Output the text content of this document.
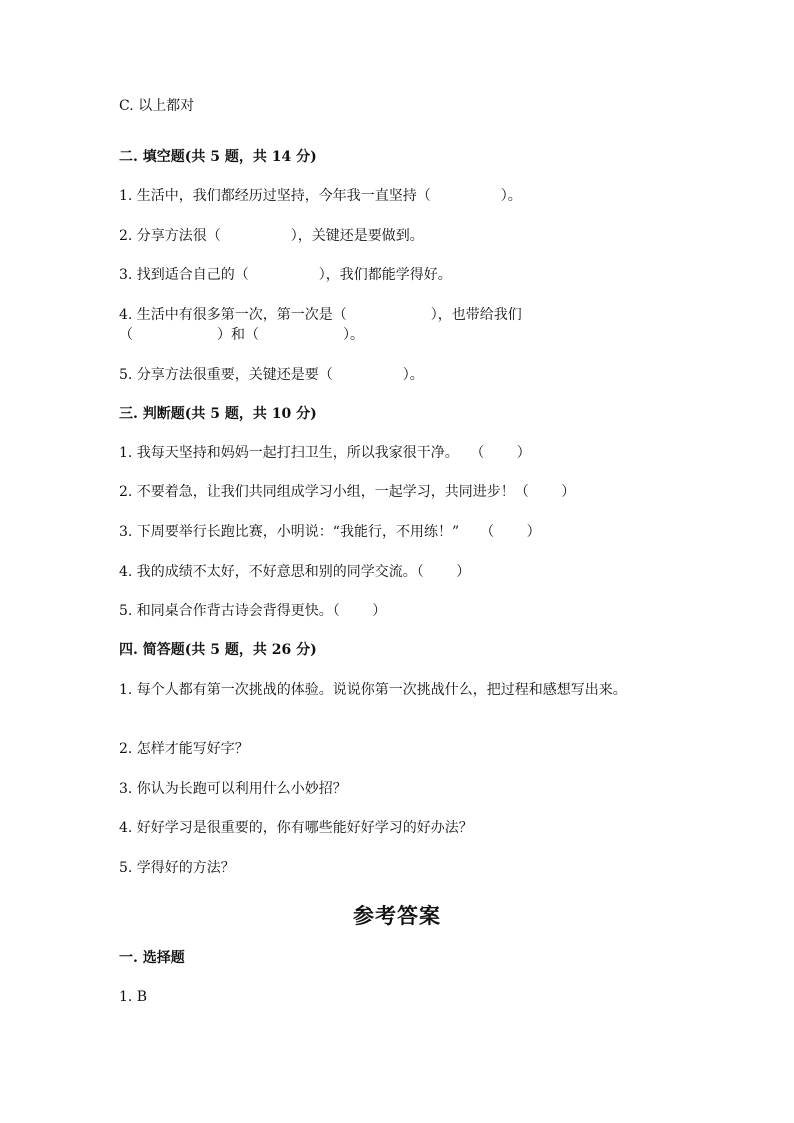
C. 以上都对
二. 填空题(共 5 题，共 14 分)
1. 生活中，我们都经历过坚持，今年我一直坚持（　　　　　）。
2. 分享方法很（　　　　　），关键还是要做到。
3. 找到适合自己的（　　　　　），我们都能学得好。
4. 生活中有很多第一次，第一次是（　　　　　　），也带给我们
（　　　　　　）和（　　　　　　）。
5. 分享方法很重要，关键还是要（　　　　　）。
三. 判断题(共 5 题，共 10 分)
1. 我每天坚持和妈妈一起打扫卫生，所以我家很干净。　 （　　 ）
2. 不要着急，让我们共同组成学习小组，一起学习，共同进步！（　　 ）
3. 下周要举行长跑比赛，小明说：“我能行，不用练！”　　（　　 ）
4. 我的成绩不太好，不好意思和别的同学交流。（　　 ）
5. 和同桌合作背古诗会背得更快。（　　 ）
四. 简答题(共 5 题，共 26 分)
1. 每个人都有第一次挑战的体验。说说你第一次挑战什么，把过程和感想写出来。
2. 怎样才能写好字？
3. 你认为长跑可以利用什么小妙招？
4. 好好学习是很重要的，你有哪些能好好学习的好办法？
5. 学得好的方法？
参考答案
一. 选择题
1. B
